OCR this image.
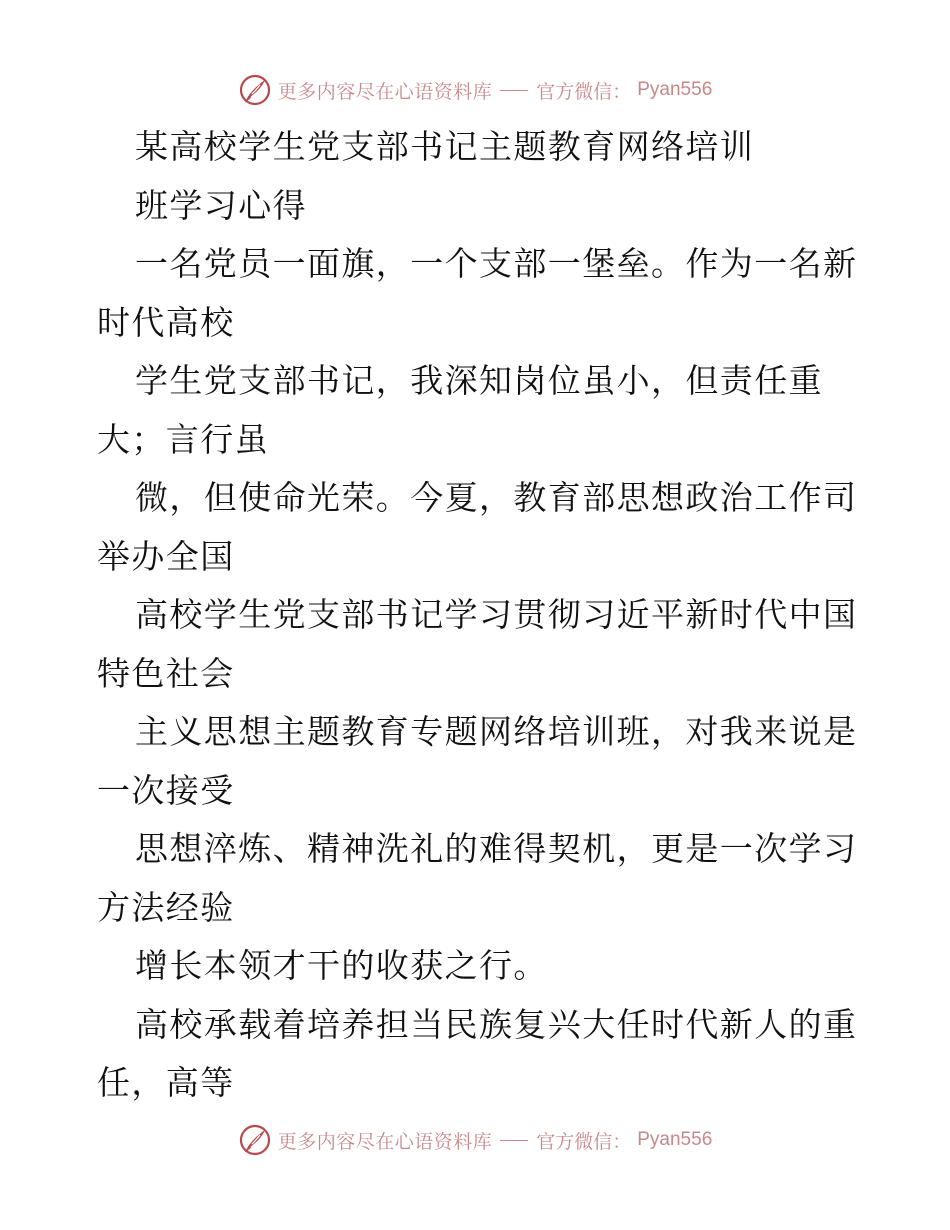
更多内容尽在心语资料库 官方微信： Pyan556
某高校学生党支部书记主题教育网络培训
班学习心得
一名党员一面旗，一个支部一堡垒。作为一名新
时代高校
学生党支部书记，我深知岗位虽小，但责任重
大；言行虽
微，但使命光荣。今夏，教育部思想政治工作司
举办全国
高校学生党支部书记学习贯彻习近平新时代中国
特色社会
主义思想主题教育专题网络培训班，对我来说是
一次接受
思想淬炼、精神洗礼的难得契机，更是一次学习
方法经验
增长本领才干的收获之行。
高校承载着培养担当民族复兴大任时代新人的重
任，高等
更多内容尽在心语资料库 官方微信： Pyan556
